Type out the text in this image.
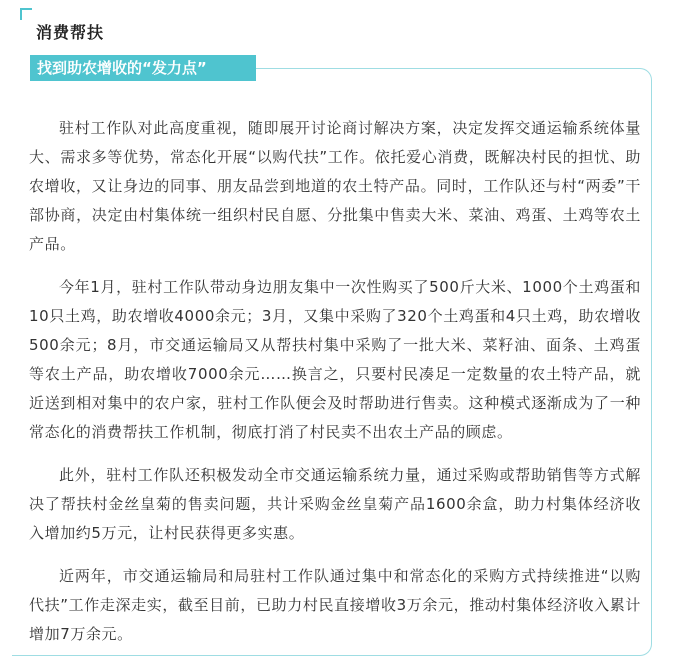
消费帮扶
找到助农增收的“发力点”

驻村工作队对此高度重视，随即展开讨论商讨解决方案，决定发挥交通运输系统体量大、需求多等优势，常态化开展“以购代扶”工作。依托爱心消费，既解决村民的担忧、助农增收，又让身边的同事、朋友品尝到地道的农土特产品。同时，工作队还与村“两委”干部协商，决定由村集体统一组织村民自愿、分批集中售卖大米、菜油、鸡蛋、土鸡等农土产品。

今年1月，驻村工作队带动身边朋友集中一次性购买了500斤大米、1000个土鸡蛋和10只土鸡，助农增收4000余元；3月，又集中采购了320个土鸡蛋和4只土鸡，助农增收500余元；8月，市交通运输局又从帮扶村集中采购了一批大米、菜籽油、面条、土鸡蛋等农土产品，助农增收7000余元……换言之，只要村民凑足一定数量的农土特产品，就近送到相对集中的农户家，驻村工作队便会及时帮助进行售卖。这种模式逐渐成为了一种常态化的消费帮扶工作机制，彻底打消了村民卖不出农土产品的顾虑。

此外，驻村工作队还积极发动全市交通运输系统力量，通过采购或帮助销售等方式解决了帮扶村金丝皇菊的售卖问题，共计采购金丝皇菊产品1600余盒，助力村集体经济收入增加约5万元，让村民获得更多实惠。

近两年，市交通运输局和局驻村工作队通过集中和常态化的采购方式持续推进“以购代扶”工作走深走实，截至目前，已助力村民直接增收3万余元，推动村集体经济收入累计增加7万余元。
